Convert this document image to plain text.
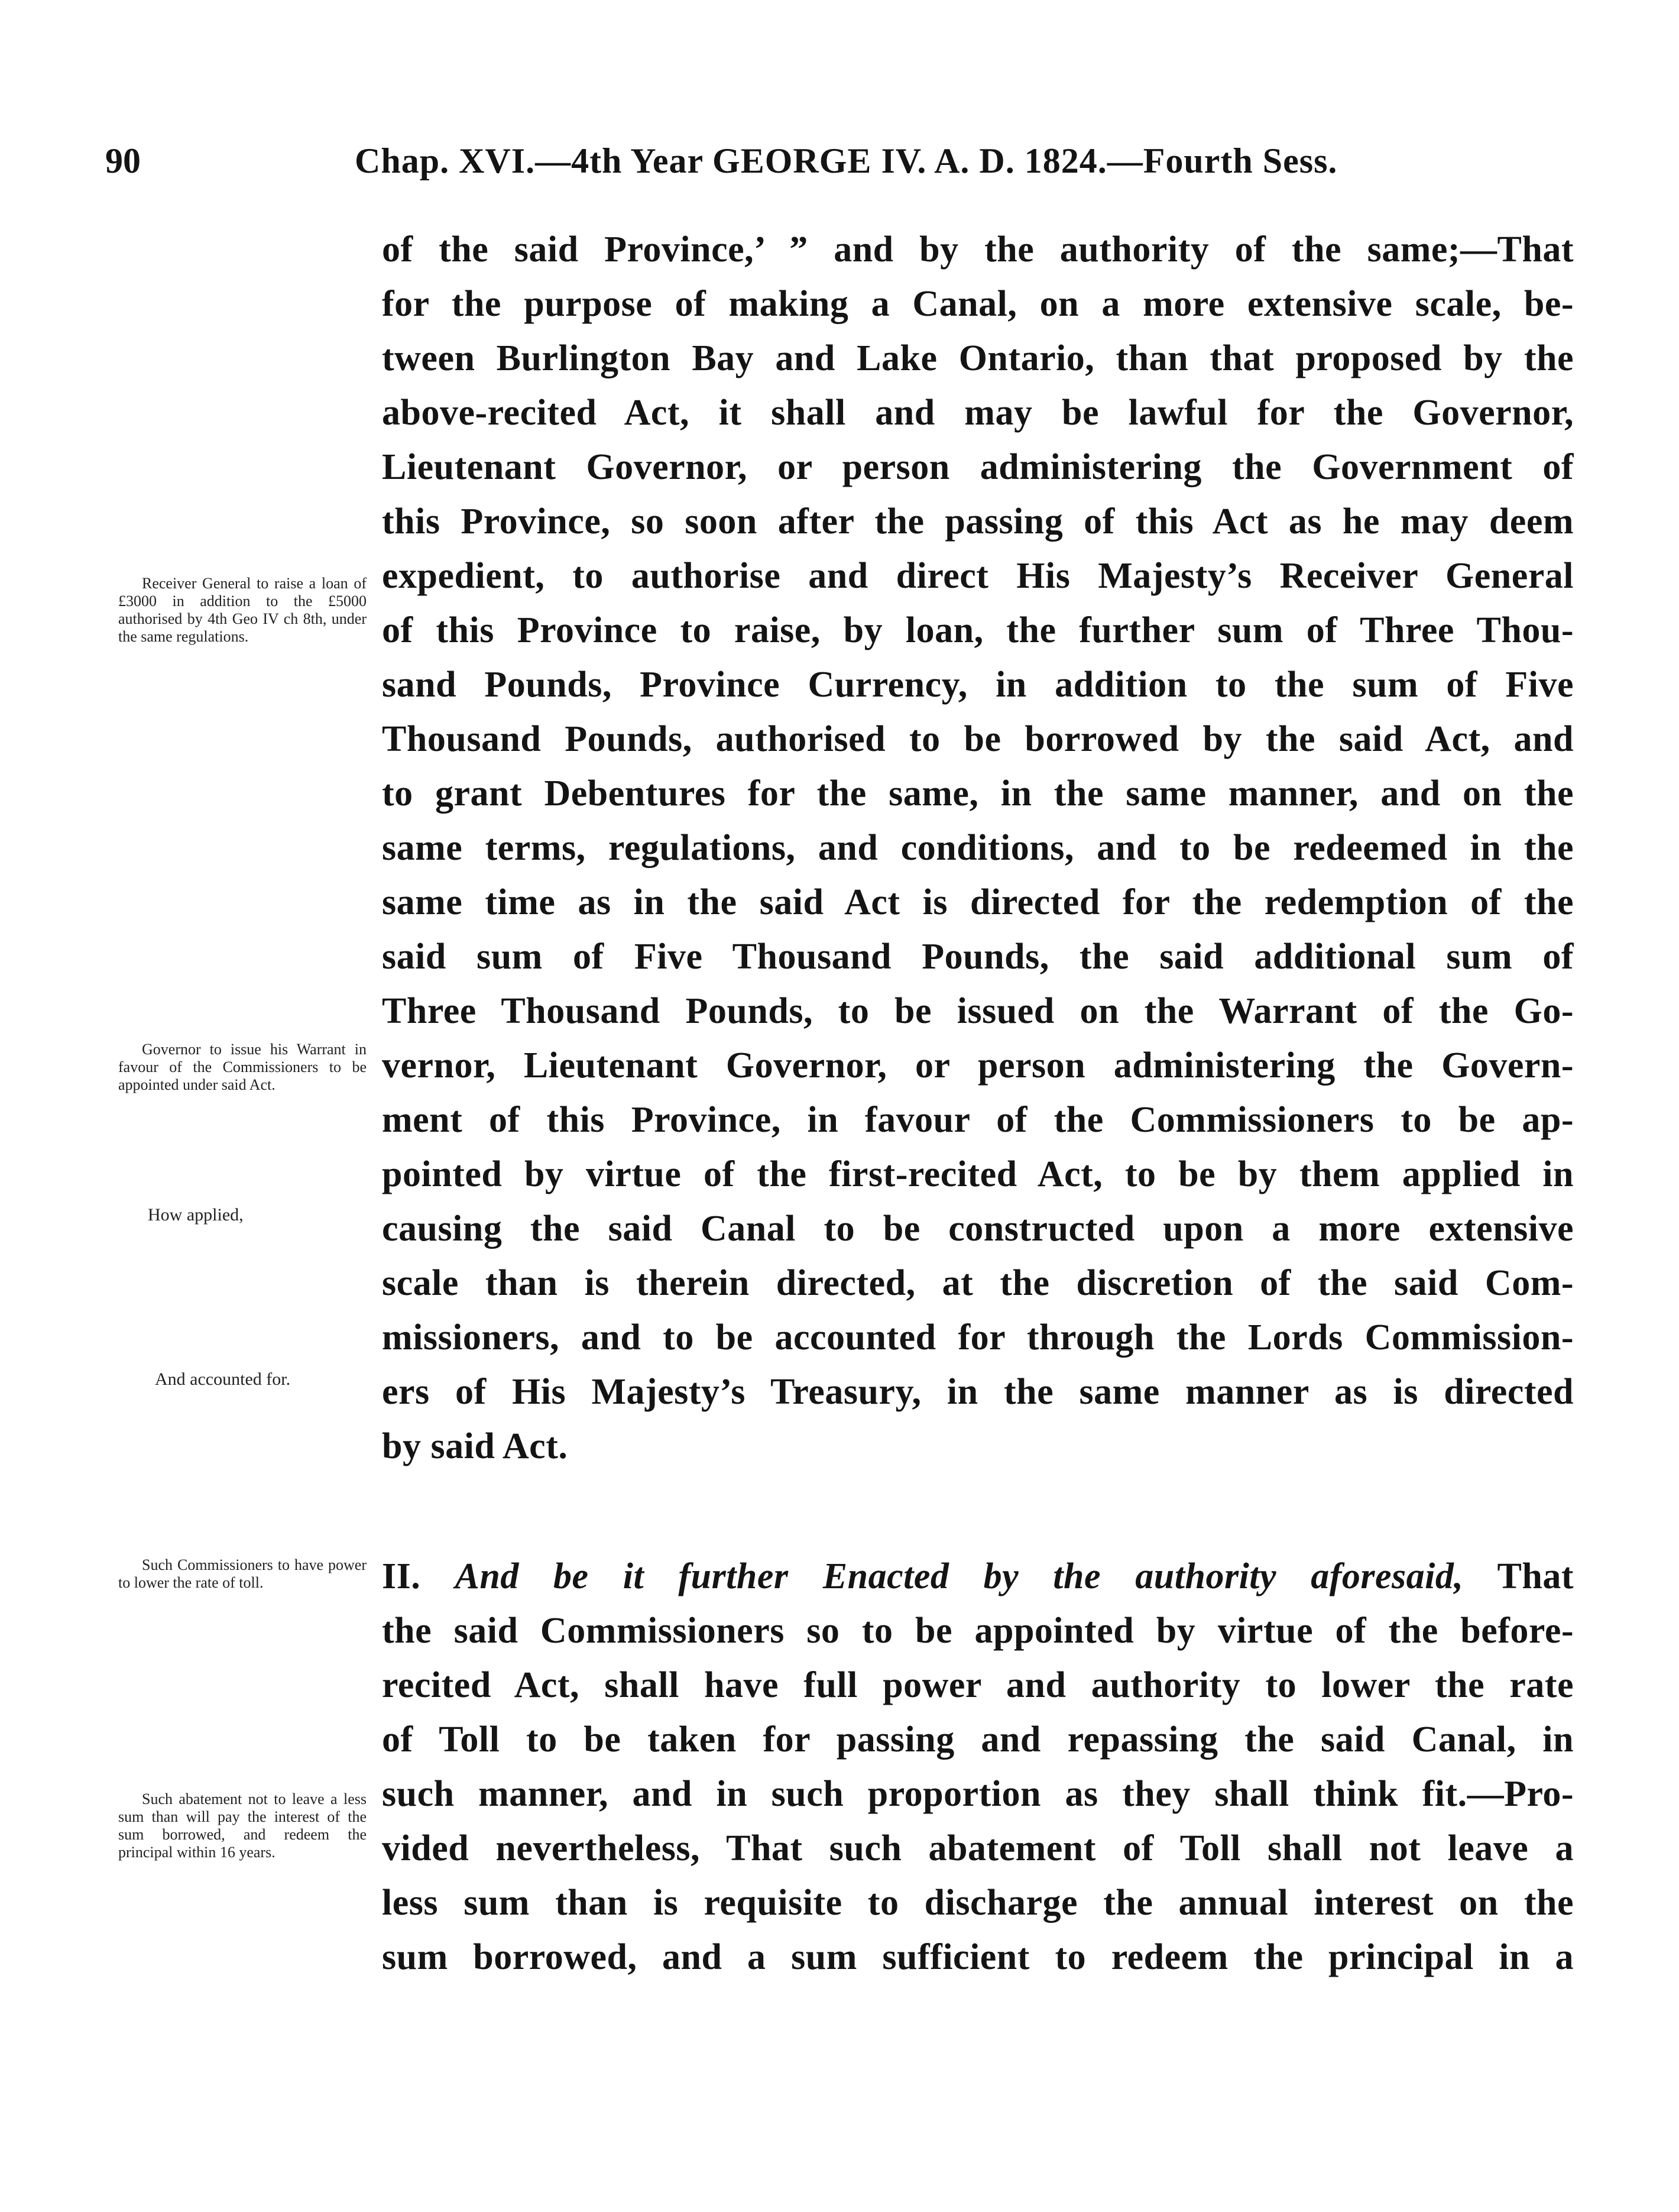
90	Chap. XVI.—4th Year GEORGE IV. A. D. 1824.—Fourth Sess.
of the said Province,’ ” and by the authority of the same;—That
for the purpose of making a Canal, on a more extensive scale, be-
tween Burlington Bay and Lake Ontario, than that proposed by the
above-recited Act, it shall and may be lawful for the Governor,
Lieutenant Governor, or person administering the Government of
this Province, so soon after the passing of this Act as he may deem
expedient, to authorise and direct His Majesty’s Receiver General
of this Province to raise, by loan, the further sum of Three Thou-
sand Pounds, Province Currency, in addition to the sum of Five
Thousand Pounds, authorised to be borrowed by the said Act, and
to grant Debentures for the same, in the same manner, and on the
same terms, regulations, and conditions, and to be redeemed in the
same time as in the said Act is directed for the redemption of the
said sum of Five Thousand Pounds, the said additional sum of
Three Thousand Pounds, to be issued on the Warrant of the Go-
vernor, Lieutenant Governor, or person administering the Govern-
ment of this Province, in favour of the Commissioners to be ap-
pointed by virtue of the first-recited Act, to be by them applied in
causing the said Canal to be constructed upon a more extensive
scale than is therein directed, at the discretion of the said Com-
missioners, and to be accounted for through the Lords Commission-
ers of His Majesty’s Treasury, in the same manner as is directed
by said Act.
II. And be it further Enacted by the authority aforesaid, That
the said Commissioners so to be appointed by virtue of the before-
recited Act, shall have full power and authority to lower the rate
of Toll to be taken for passing and repassing the said Canal, in
such manner, and in such proportion as they shall think fit.—Pro-
vided nevertheless, That such abatement of Toll shall not leave a
less sum than is requisite to discharge the annual interest on the
sum borrowed, and a sum sufficient to redeem the principal in a
Receiver General to raise a loan of £3000 in addition to the £5000 authorised by 4th Geo IV ch 8th, under the same regulations.
Governor to issue his Warrant in favour of the Commissioners to be appointed under said Act.
How applied,
And accounted for.
Such Commissioners to have power to lower the rate of toll.
Such abatement not to leave a less sum than will pay the interest of the sum borrowed, and redeem the principal within 16 years.
